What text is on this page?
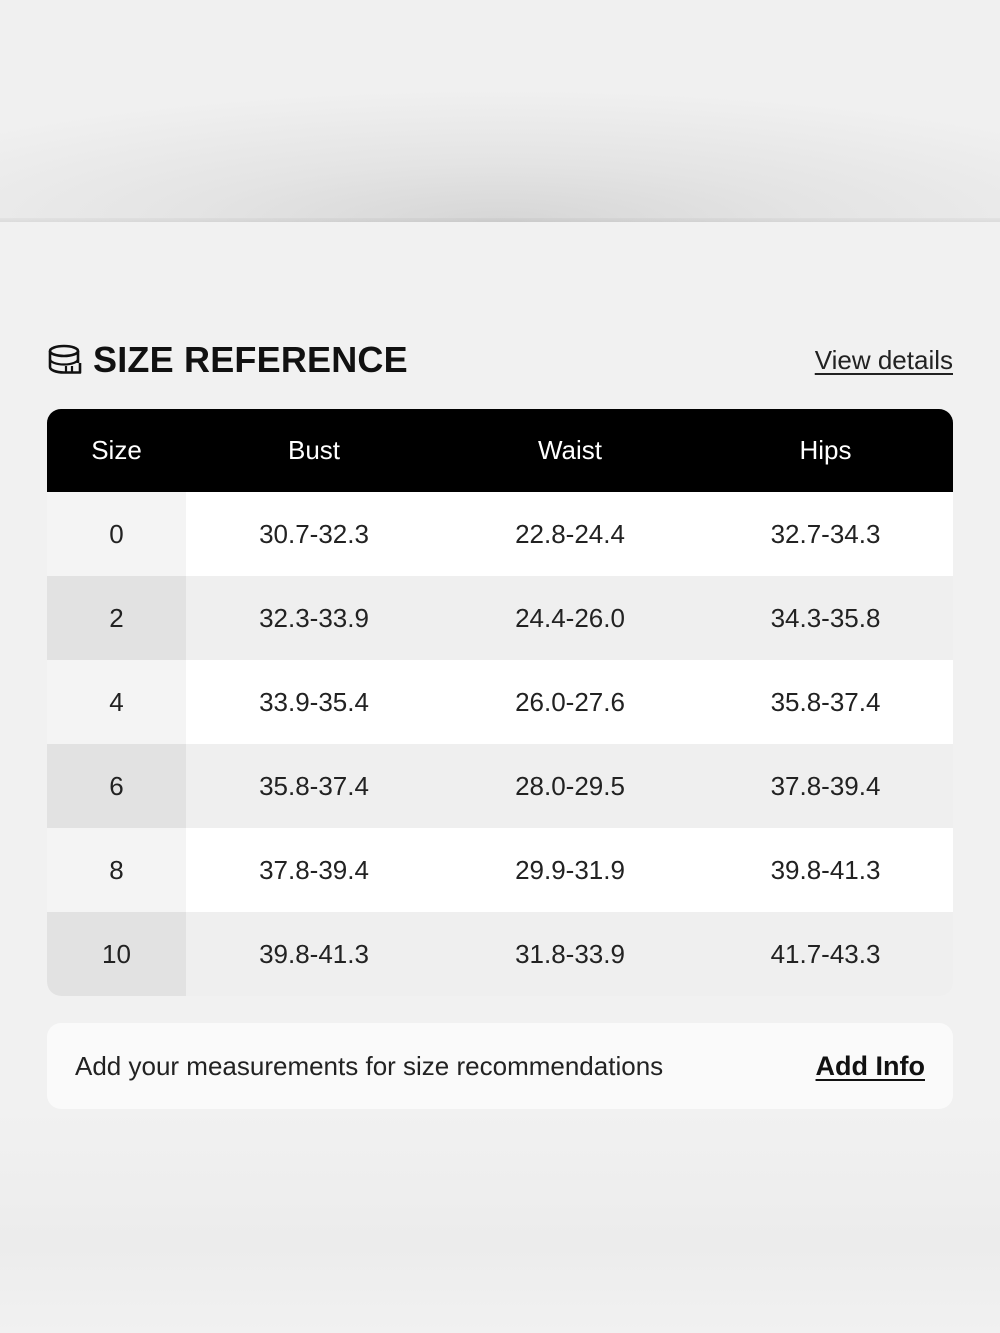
SIZE REFERENCE	View details
Size	Bust	Waist	Hips
0	30.7-32.3	22.8-24.4	32.7-34.3
2	32.3-33.9	24.4-26.0	34.3-35.8
4	33.9-35.4	26.0-27.6	35.8-37.4
6	35.8-37.4	28.0-29.5	37.8-39.4
8	37.8-39.4	29.9-31.9	39.8-41.3
10	39.8-41.3	31.8-33.9	41.7-43.3
Add your measurements for size recommendations	Add Info
